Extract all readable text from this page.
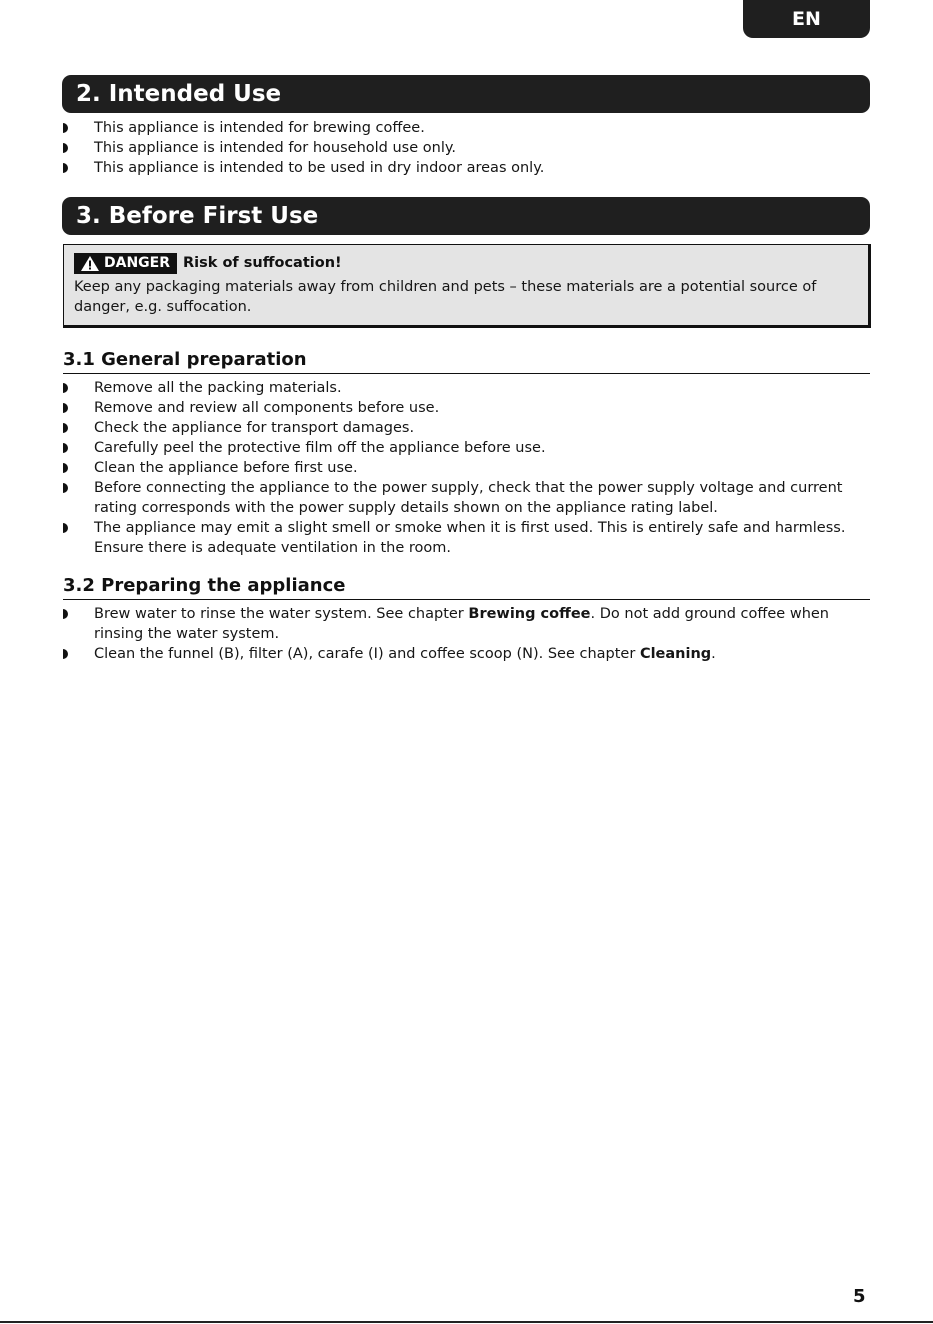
EN
2. Intended Use
This appliance is intended for brewing coffee.
This appliance is intended for household use only.
This appliance is intended to be used in dry indoor areas only.
3. Before First Use
DANGER Risk of suffocation!
Keep any packaging materials away from children and pets – these materials are a potential source of danger, e.g. suffocation.
3.1 General preparation
Remove all the packing materials.
Remove and review all components before use.
Check the appliance for transport damages.
Carefully peel the protective film off the appliance before use.
Clean the appliance before first use.
Before connecting the appliance to the power supply, check that the power supply voltage and current rating corresponds with the power supply details shown on the appliance rating label.
The appliance may emit a slight smell or smoke when it is first used. This is entirely safe and harmless. Ensure there is adequate ventilation in the room.
3.2 Preparing the appliance
Brew water to rinse the water system. See chapter Brewing coffee. Do not add ground coffee when rinsing the water system.
Clean the funnel (B), filter (A), carafe (I) and coffee scoop (N). See chapter Cleaning.
5
